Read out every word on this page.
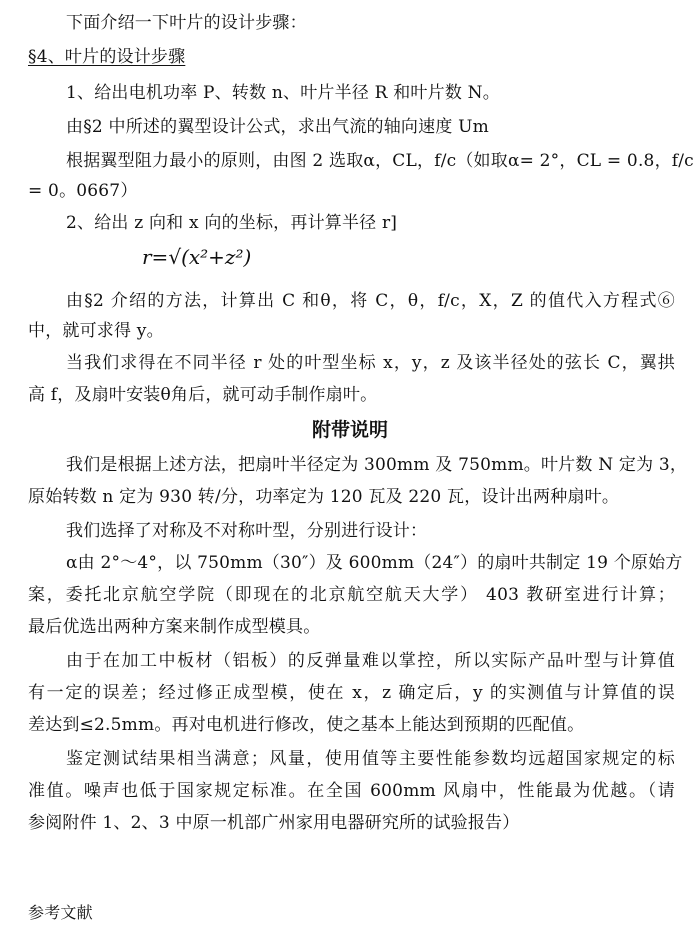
下面介绍一下叶片的设计步骤：
§4、叶片的设计步骤
1、给出电机功率 P、转数 n、叶片半径 R 和叶片数 N。
由§2 中所述的翼型设计公式，求出气流的轴向速度 Um
根据翼型阻力最小的原则，由图 2 选取α，CL，f/c（如取α= 2°，CL = 0.8，f/c
= 0。0667）
2、给出 z 向和 x 向的坐标，再计算半径 r]
r=√(x²+z²)
由§2 介绍的方法，计算出 C 和θ，将 C，θ，f/c，X，Z 的值代入方程式⑥
中，就可求得 y。
当我们求得在不同半径 r 处的叶型坐标 x，y，z 及该半径处的弦长 C，翼拱
高 f，及扇叶安装θ角后，就可动手制作扇叶。
附带说明
我们是根据上述方法，把扇叶半径定为 300mm 及 750mm。叶片数 N 定为 3，
原始转数 n 定为 930 转/分，功率定为 120 瓦及 220 瓦，设计出两种扇叶。
我们选择了对称及不对称叶型，分别进行设计：
α由 2°～4°，以 750mm（30″）及 600mm（24″）的扇叶共制定 19 个原始方
案，委托北京航空学院（即现在的北京航空航天大学） 403 教研室进行计算；
最后优选出两种方案来制作成型模具。
由于在加工中板材（铝板）的反弹量难以掌控，所以实际产品叶型与计算值
有一定的误差；经过修正成型模，使在 x，z 确定后，y 的实测值与计算值的误
差达到≤2.5mm。再对电机进行修改，使之基本上能达到预期的匹配值。
鉴定测试结果相当满意；风量，使用值等主要性能参数均远超国家规定的标
准值。噪声也低于国家规定标准。在全国 600mm 风扇中，性能最为优越。（请
参阅附件 1、2、3 中原一机部广州家用电器研究所的试验报告）
参考文献
